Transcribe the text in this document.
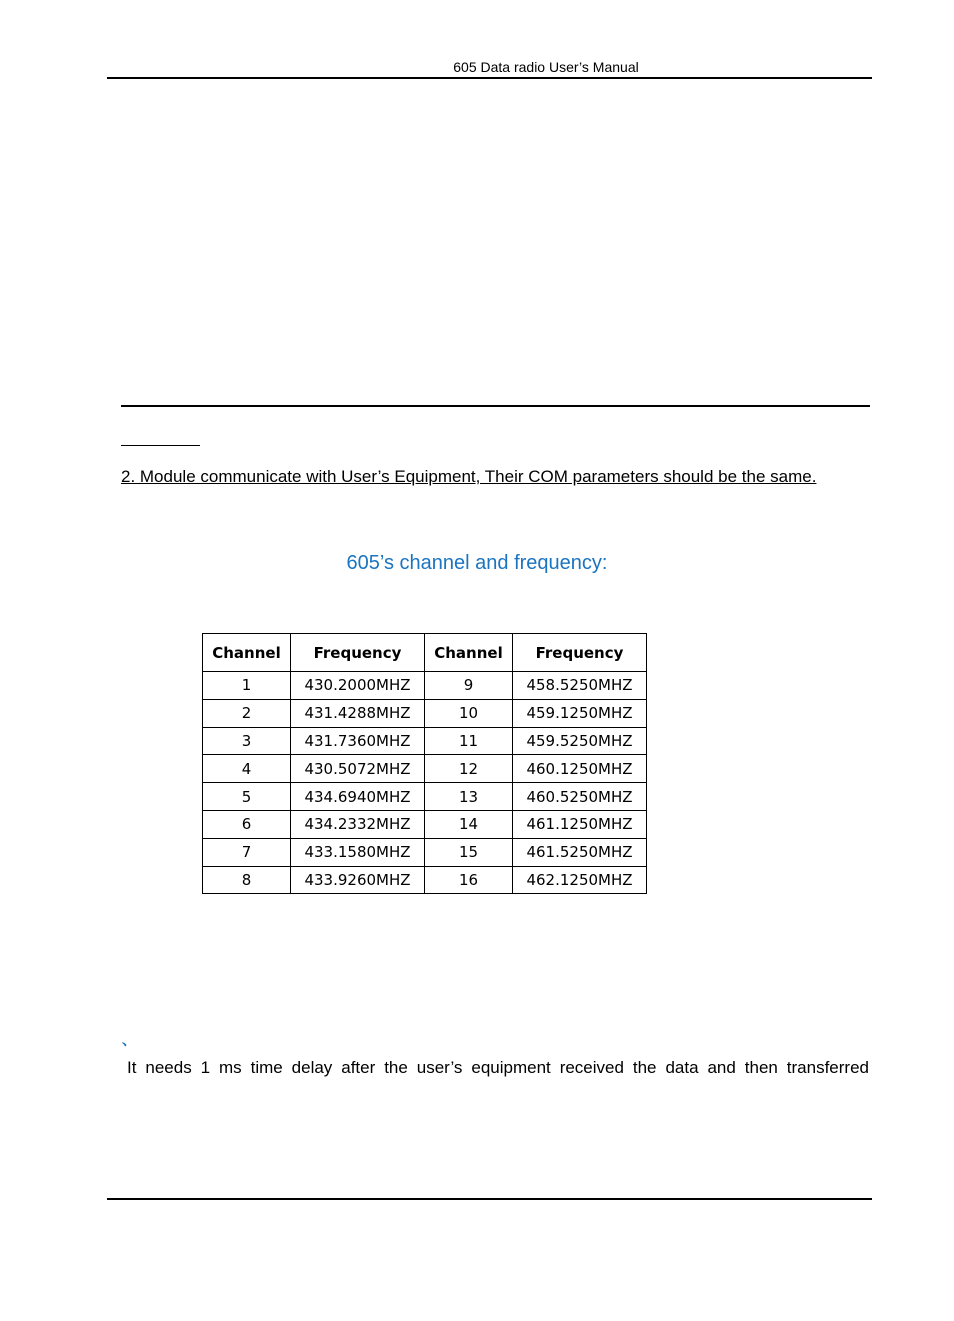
605 Data radio User’s Manual
2. Module communicate with User’s Equipment, Their COM parameters should be the same.
605’s channel and frequency:
Channel	Frequency	Channel	Frequency
1	430.2000MHZ	9	458.5250MHZ
2	431.4288MHZ	10	459.1250MHZ
3	431.7360MHZ	11	459.5250MHZ
4	430.5072MHZ	12	460.1250MHZ
5	434.6940MHZ	13	460.5250MHZ
6	434.2332MHZ	14	461.1250MHZ
7	433.1580MHZ	15	461.5250MHZ
8	433.9260MHZ	16	462.1250MHZ
、
It needs 1 ms time delay after the user’s equipment received the data and then transferred
